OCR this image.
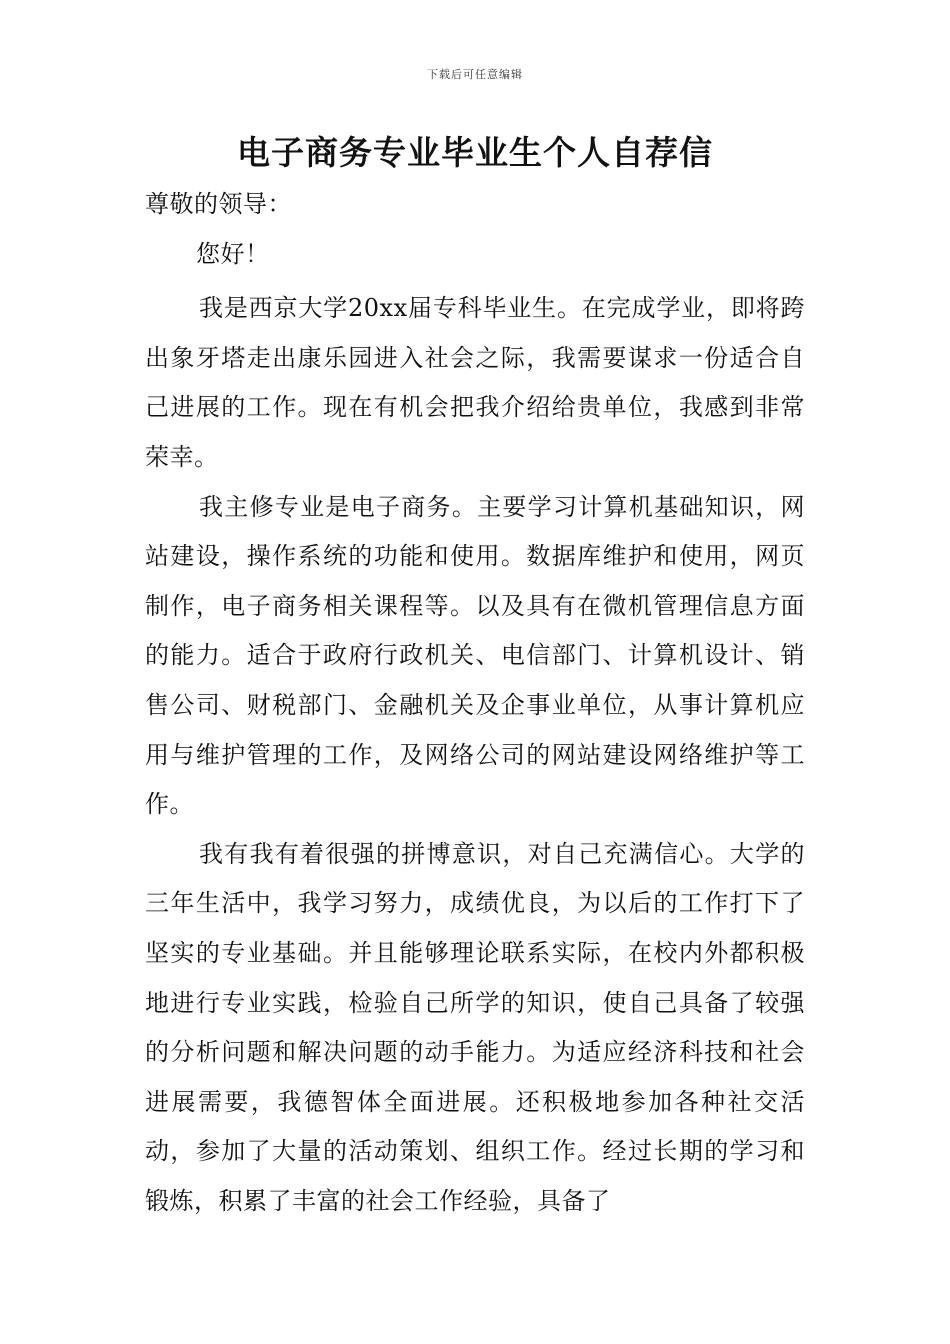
下载后可任意编辑
电子商务专业毕业生个人自荐信

尊敬的领导：

您好！

我是西京大学20xx届专科毕业生。在完成学业，即将跨出象牙塔走出康乐园进入社会之际，我需要谋求一份适合自己进展的工作。现在有机会把我介绍给贵单位，我感到非常荣幸。

我主修专业是电子商务。主要学习计算机基础知识，网站建设，操作系统的功能和使用。数据库维护和使用，网页制作，电子商务相关课程等。以及具有在微机管理信息方面的能力。适合于政府行政机关、电信部门、计算机设计、销售公司、财税部门、金融机关及企事业单位，从事计算机应用与维护管理的工作，及网络公司的网站建设网络维护等工作。

我有我有着很强的拼博意识，对自己充满信心。大学的三年生活中，我学习努力，成绩优良，为以后的工作打下了坚实的专业基础。并且能够理论联系实际，在校内外都积极地进行专业实践，检验自己所学的知识，使自己具备了较强的分析问题和解决问题的动手能力。为适应经济科技和社会进展需要，我德智体全面进展。还积极地参加各种社交活动，参加了大量的活动策划、组织工作。经过长期的学习和锻炼，积累了丰富的社会工作经验，具备了
